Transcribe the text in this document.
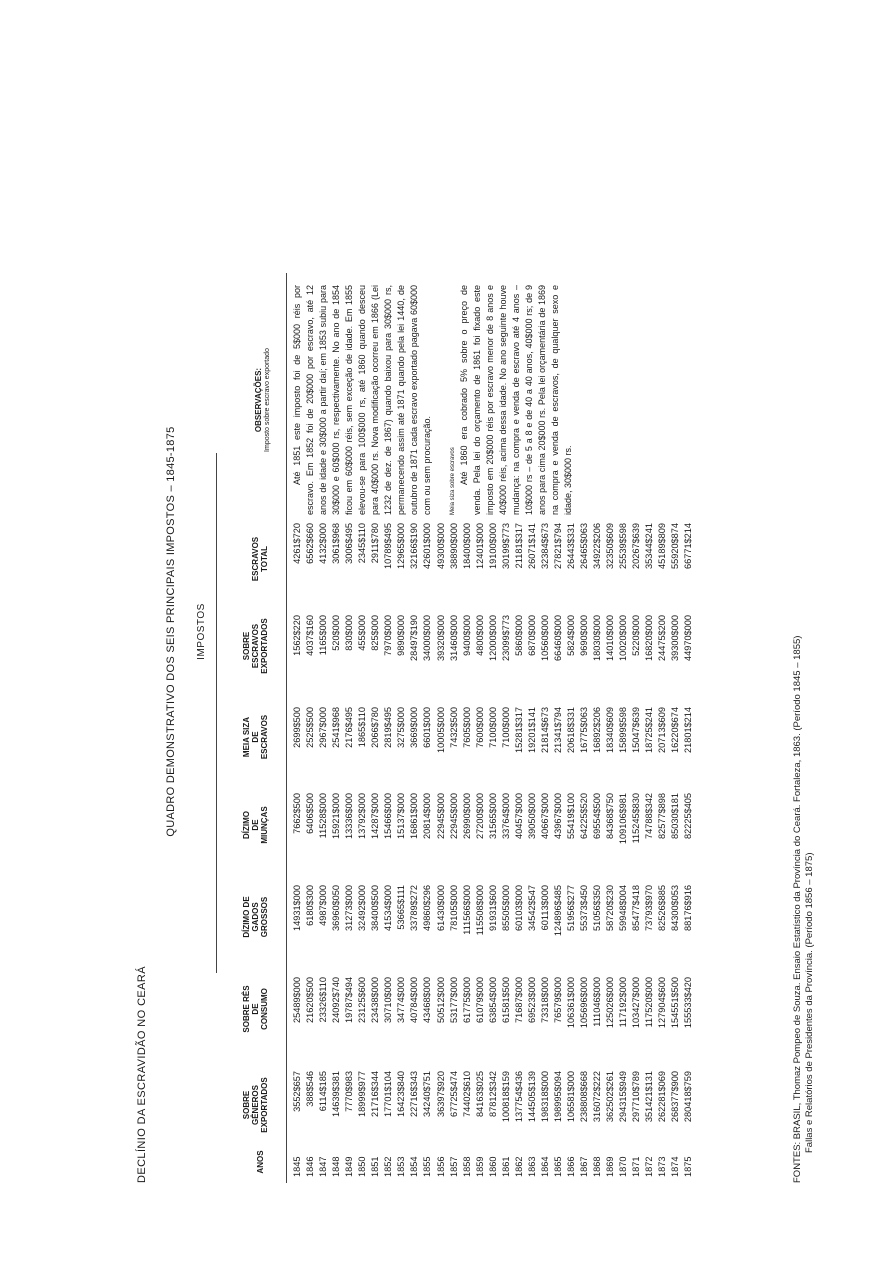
DECLÍNIO DA ESCRAVIDÃO NO CEARÁ
QUADRO DEMONSTRATIVO DOS SEIS PRINCIPAIS IMPOSTOS – 1845-1875 IMPOSTOS
ANOS
SOBRE GÊNEROS EXPORTADOS
SOBRE RÊS DE CONSUMO
DÍZIMO DE GADOS GROSSOS
DÍZIMO DE MIUNÇAS
MEIA SIZA DE ESCRAVOS
SOBRE ESCRAVOS EXPORTADOS
ESCRAVOS TOTAL
OBSERVAÇÕES: Imposto sobre escravo exportado
1845 1846 1847 1848 1849 1850 1851 1852 1853 1854 1855 1856 1857 1858 1859 1860 1861 1862 1863 1864 1865 1866 1867 1868 1869 1870 1871 1872 1873 1874 1875
3552$657 388$546 6114$185 14639$381 7770$983 18999$977 21716$344 17701$104 16423$840 22716$343 34240$751 36397$920 67725$474 74402$610 84163$025 87812$342 100818$159 137754$436 144505$139 198318$000 198995$094 106581$000 238808$668 316072$222 362502$261 294315$949 297710$789 351421$131 262281$069 268377$900 280418$759
25489$000 21620$500 23326$110 24092$740 19787$494 23125$600 23438$000 30710$000 34774$000 40784$000 43468$000 50512$000 53177$000 61775$000 61079$000 63854$000 61581$500 71687$000 69523$000 73318$000 76579$000 106361$000 105696$000 111046$000 125026$000 117192$000 103427$000 117520$000 127904$600 154551$500 155533$420
14931$000 6180$300 4987$000 36960$050 31273$000 32492$000 38400$500 41534$000 53665$111 33789$272 49860$296 61430$000 78105$000 111566$000 115508$000 91931$600 85505$000 60103$000 34542$547 60113$000 124896$485 51956$277 55373$450 51056$350 58720$230 59948$004 85477$418 73793$970 82526$885 84300$053 88176$916
7662$500 6406$500 11528$000 15921$000 13336$000 13792$000 14287$000 15466$000 15137$000 16861$000 20814$000 22945$000 22945$000 26990$000 27200$000 31565$000 33764$000 40457$000 39050$000 40667$000 43967$000 55419$100 64225$520 69554$500 84368$750 109106$981 115245$830 74788$342 82577$898 85030$181 82225$405
2699$500 2525$500 2967$000 2541$968 2176$495 1865$110 2066$780 2819$495 3275$000 3669$000 6601$000 10005$000 7432$500 7605$000 7600$000 7100$000 7100$000 15281$317 19201$141 21814$673 21341$794 20618$331 16775$063 16892$206 18340$609 15899$598 15047$639 18725$241 20713$609 16220$674 21801$214
1562$220 4037$160 1165$000 520$000 830$000 455$000 825$000 7970$000 9890$000 28497$190 34000$000 39320$000 31460$000 9400$000 4800$000 12000$000 23099$773 5860$000 6870$000 10560$000 66460$000 5824$000 9690$000 18030$000 14010$000 10020$000 5220$000 16820$000 24475$200 39300$000 44970$000
4261$720 6562$660 4132$000 3061$968 3006$495 2345$110 2911$780 10789$495 12965$000 32166$190 42601$000 49300$000 38890$000 18400$000 12401$000 19100$000 30199$773 21181$317 26071$141 32384$673 27821$794 26443$331 26465$063 34922$206 32350$609 25539$598 20267$639 35344$241 45189$809 55920$874 66771$214

Até 1851 este imposto foi de 5$000 réis por escravo. Em 1852 foi de 20$000 por escravo, até 12 anos de idade e 30$000 a partir daí; em 1853 subiu para 30$000 e 60$000 rs, respectivamente. No ano de 1854 ficou em 60$000 réis, sem exceção de idade. Em 1855 elevou-se para 100$000 rs, até 1860 quando desceu para 40$000 rs. Nova modificação ocorreu em 1866 (Lei 1232 de dez. de 1867) quando baixou para 30$000 rs, permanecendo assim até 1871 quando pela lei 1440, de outubro de 1871 cada escravo exportado pagava 60$000 com ou sem procuração.	Meia siza sobre escravos Até 1860 era cobrado 5% sobre o preço de venda. Pela lei do orçamento de 1861 foi fixado este imposto em 20$000 réis por escravo menor de 8 anos e 40$000 réis, acima dessa idade. No ano seguinte houve mudança: na compra e venda de escravo até 4 anos – 10$000 rs – de 5 a 8 e de 40 a 40 anos, 40$000 rs; de 9 anos para cima 20$000 rs. Pela lei orçamentária de 1869 na compra e venda de escravos, de qualquer sexo e idade, 30$000 rs.

FONTES: BRASIL, Thomaz Pompeo de Souza. Ensaio Estatístico da Província do Ceará. Fortaleza, 1863. (Período 1845 – 1855) Fallas e Relatórios de Presidentes da Província. (Período 1856 – 1875)
